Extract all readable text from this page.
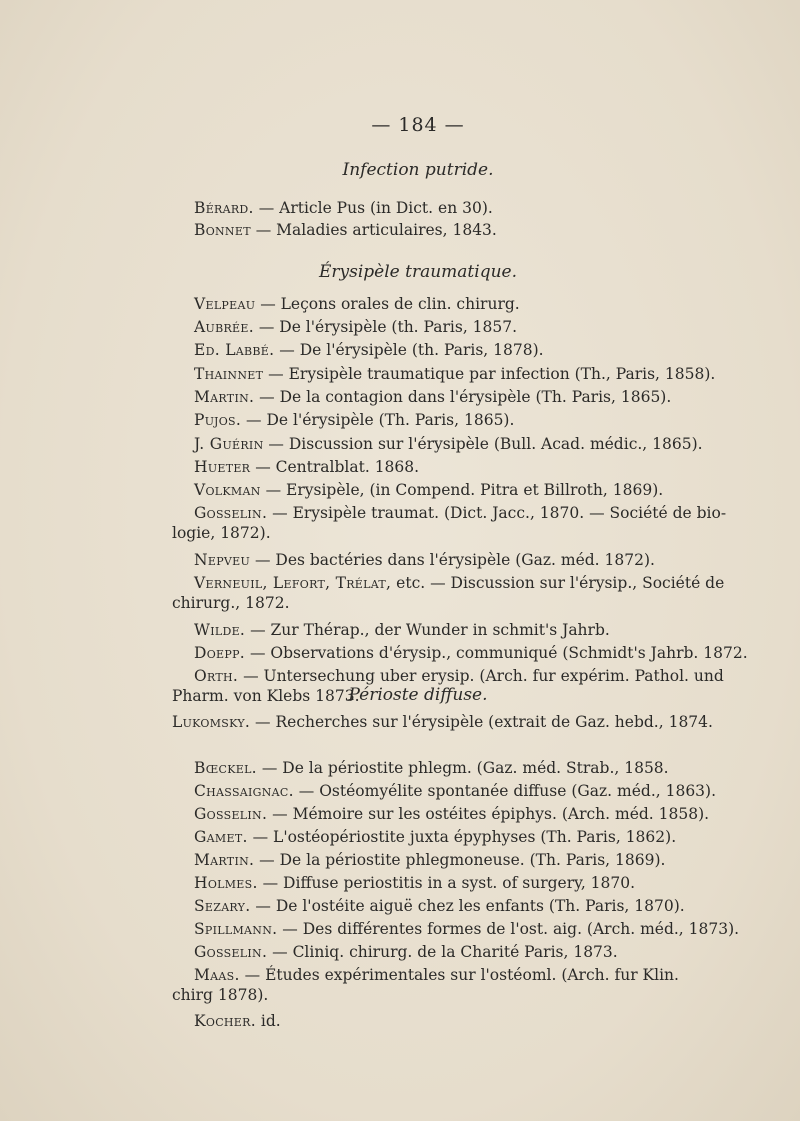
— 184 —
Infection putride.
Érysipèle traumatique.
Périoste diffuse.
Bérard. — Article Pus (in Dict. en 30).
Bonnet — Maladies articulaires, 1843.
Velpeau — Leçons orales de clin. chirurg.
Aubrée. — De l'érysipèle (th. Paris, 1857.
Ed. Labbé. — De l'érysipèle (th. Paris, 1878).
Thainnet — Erysipèle traumatique par infection (Th., Paris, 1858).
Martin. — De la contagion dans l'érysipèle (Th. Paris, 1865).
Pujos. — De l'érysipèle (Th. Paris, 1865).
J. Guérin — Discussion sur l'érysipèle (Bull. Acad. médic., 1865).
Hueter — Centralblat. 1868.
Volkman — Erysipèle, (in Compend. Pitra et Billroth, 1869).
Gosselin. — Erysipèle traumat. (Dict. Jacc., 1870. — Société de bio-
logie, 1872).
Nepveu — Des bactéries dans l'érysipèle (Gaz. méd. 1872).
Verneuil, Lefort, Trélat, etc. — Discussion sur l'érysip., Société de
chirurg., 1872.
Wilde. — Zur Thérap., der Wunder in schmit's Jahrb.
Doepp. — Observations d'érysip., communiqué (Schmidt's Jahrb. 1872.
Orth. — Untersechung uber erysip. (Arch. fur expérim. Pathol. und
Pharm. von Klebs 1873.
Lukomsky. — Recherches sur l'érysipèle (extrait de Gaz. hebd., 1874.
Bœckel. — De la périostite phlegm. (Gaz. méd. Strab., 1858.
Chassaignac. — Ostéomyélite spontanée diffuse (Gaz. méd., 1863).
Gosselin. — Mémoire sur les ostéites épiphys. (Arch. méd. 1858).
Gamet. — L'ostéopériostite juxta épyphyses (Th. Paris, 1862).
Martin. — De la périostite phlegmoneuse. (Th. Paris, 1869).
Holmes. — Diffuse periostitis in a syst. of surgery, 1870.
Sezary. — De l'ostéite aiguë chez les enfants (Th. Paris, 1870).
Spillmann. — Des différentes formes de l'ost. aig. (Arch. méd., 1873).
Gosselin. — Cliniq. chirurg. de la Charité Paris, 1873.
Maas. — Études expérimentales sur l'ostéoml. (Arch. fur Klin.
chirg 1878).
Kocher. id.
